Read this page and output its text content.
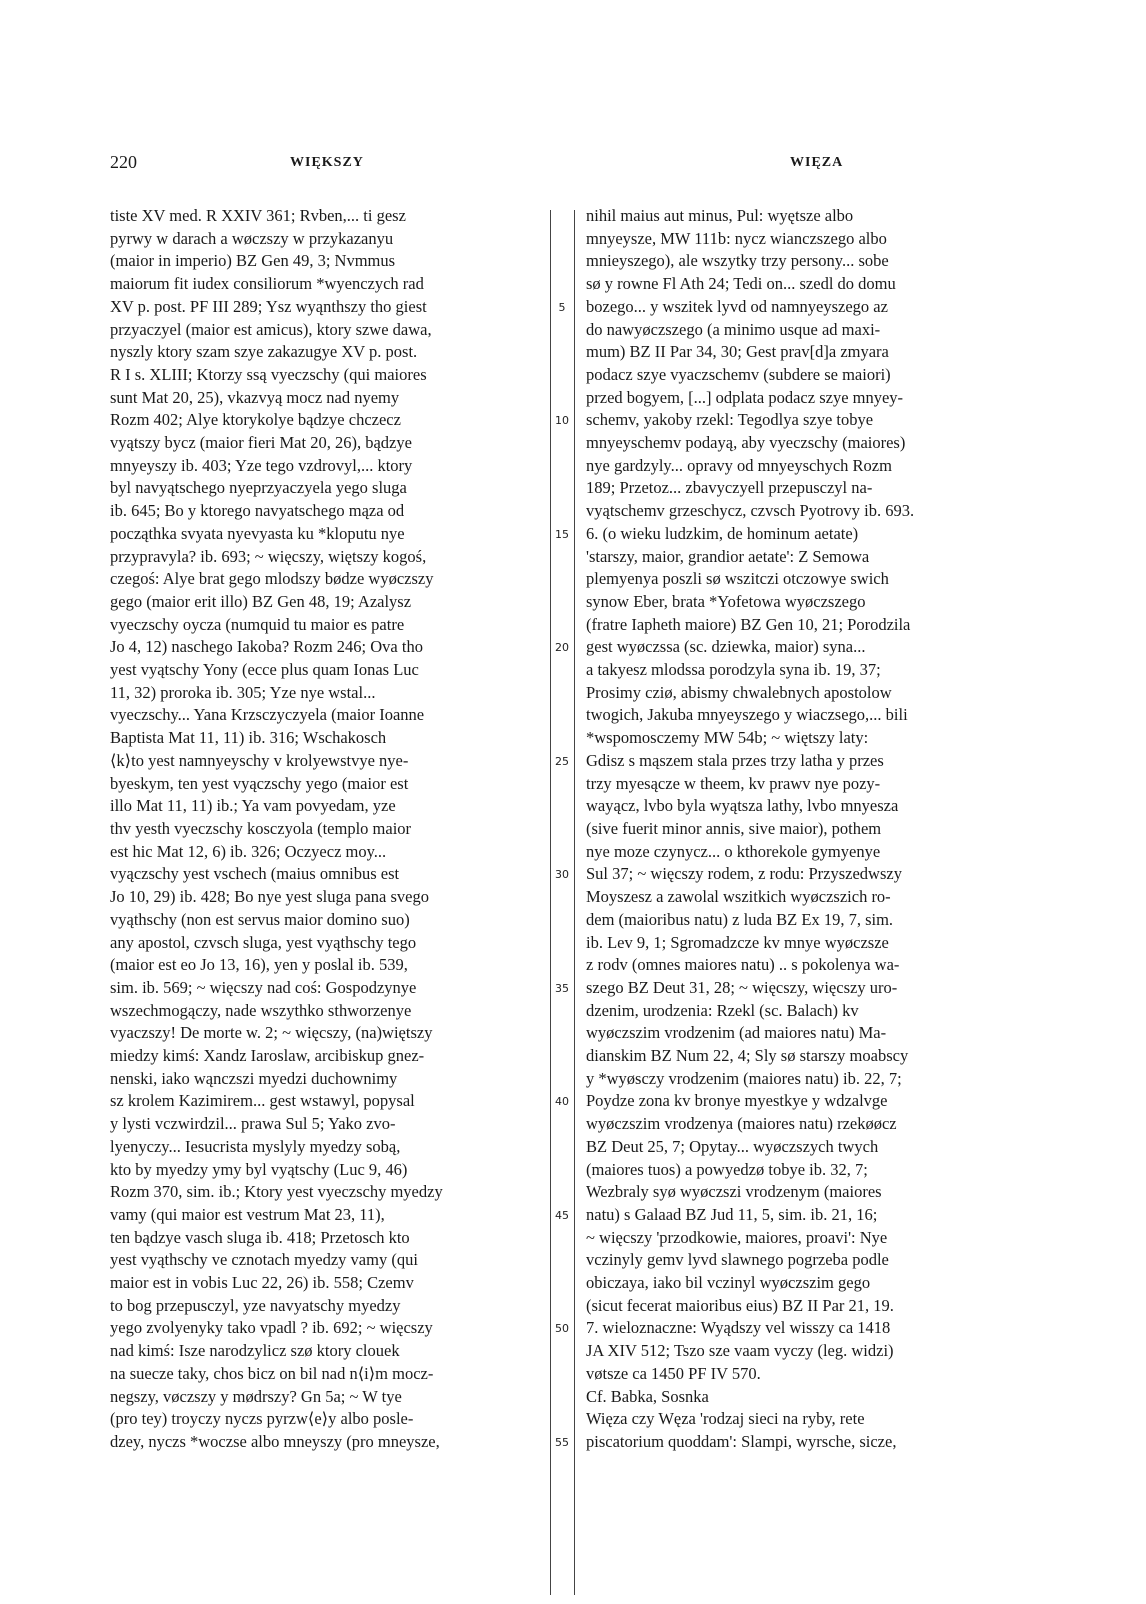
220	WIĘKSZY	WIĘZA
tiste XV med. R XXIV 361; Rvben,... ti gesz
pyrwy w darach a wøczszy w przykazanyu
(maior in imperio) BZ Gen 49, 3; Nvmmus
maiorum fit iudex consiliorum *wyenczych rad
XV p. post. PF III 289; Ysz wyąnthszy tho giest
przyaczyel (maior est amicus), ktory szwe dawa,
nyszly ktory szam szye zakazugye XV p. post.
R I s. XLIII; Ktorzy ssą vyeczschy (qui maiores
sunt Mat 20, 25), vkazvyą mocz nad nyemy
Rozm 402; Alye ktorykolye bądzye chczecz
vyątszy bycz (maior fieri Mat 20, 26), bądzye
mnyeyszy ib. 403; Yze tego vzdrovyl,... ktory
byl navyątschego nyeprzyaczyela yego sluga
ib. 645; Bo y ktorego navyatschego mąza od
począthka svyata nyevyasta ku *kloputu nye
przypravyla? ib. 693; ~ więcszy, więtszy kogoś,
czegoś: Alye brat gego mlodszy bødze wyøczszy
gego (maior erit illo) BZ Gen 48, 19; Azalysz
vyeczschy oycza (numquid tu maior es patre
Jo 4, 12) naschego Iakoba? Rozm 246; Ova tho
yest vyątschy Yony (ecce plus quam Ionas Luc
11, 32) proroka ib. 305; Yze nye wstal...
vyeczschy... Yana Krzsczyczyela (maior Ioanne
Baptista Mat 11, 11) ib. 316; Wschakosch
⟨k⟩to yest namnyeyschy v krolyewstvye nye-
byeskym, ten yest vyączschy yego (maior est
illo Mat 11, 11) ib.; Ya vam povyedam, yze
thv yesth vyeczschy kosczyola (templo maior
est hic Mat 12, 6) ib. 326; Oczyecz moy...
vyączschy yest vschech (maius omnibus est
Jo 10, 29) ib. 428; Bo nye yest sluga pana svego
vyąthschy (non est servus maior domino suo)
any apostol, czvsch sluga, yest vyąthschy tego
(maior est eo Jo 13, 16), yen y poslal ib. 539,
sim. ib. 569; ~ więcszy nad coś: Gospodzynye
wszechmogączy, nade wszythko sthworzenye
vyaczszy! De morte w. 2; ~ więcszy, (na)więtszy
miedzy kimś: Xandz Iaroslaw, arcibiskup gnez-
nenski, iako wąnczszi myedzi duchownimy
sz krolem Kazimirem... gest wstawyl, popysal
y lysti vczwirdzil... prawa Sul 5; Yako zvo-
lyenyczy... Iesucrista myslyly myedzy sobą,
kto by myedzy ymy byl vyątschy (Luc 9, 46)
Rozm 370, sim. ib.; Ktory yest vyeczschy myedzy
vamy (qui maior est vestrum Mat 23, 11),
ten bądzye vasch sluga ib. 418; Przetosch kto
yest vyąthschy ve cznotach myedzy vamy (qui
maior est in vobis Luc 22, 26) ib. 558; Czemv
to bog przepusczyl, yze navyatschy myedzy
yego zvolyenyky tako vpadl ? ib. 692; ~ więcszy
nad kimś: Isze narodzylicz szø ktory clouek
na suecze taky, chos bicz on bil nad n⟨i⟩m mocz-
negszy, vøczszy y mødrszy? Gn 5a; ~ W tye
(pro tey) troyczy nyczs pyrzw⟨e⟩y albo posle-
dzey, nyczs *woczse albo mneyszy (pro mneysze,
5
10
15
20
25
30
35
40
45
50
55
nihil maius aut minus, Pul: wyętsze albo
mnyeysze, MW 111b: nycz wianczszego albo
mnieyszego), ale wszytky trzy persony... sobe
sø y rowne Fl Ath 24; Tedi on... szedl do domu
bozego... y wszitek lyvd od namnyeyszego az
do nawyøczszego (a minimo usque ad maxi-
mum) BZ II Par 34, 30; Gest prav[d]a zmyara
podacz szye vyaczschemv (subdere se maiori)
przed bogyem, [...] odplata podacz szye mnyey-
schemv, yakoby rzekl: Tegodlya szye tobye
mnyeyschemv podayą, aby vyeczschy (maiores)
nye gardzyly... opravy od mnyeyschych Rozm
189; Przetoz... zbavyczyell przepusczyl na-
vyątschemv grzeschycz, czvsch Pyotrovy ib. 693.
6. (o wieku ludzkim, de hominum aetate)
'starszy, maior, grandior aetate': Z Semowa
plemyenya poszli sø wszitczi otczowye swich
synow Eber, brata *Yofetowa wyøczszego
(fratre Iapheth maiore) BZ Gen 10, 21; Porodzila
gest wyøczssa (sc. dziewka, maior) syna...
a takyesz mlodssa porodzyla syna ib. 19, 37;
Prosimy cziø, abismy chwalebnych apostolow
twogich, Jakuba mnyeyszego y wiaczsego,... bili
*wspomosczemy MW 54b; ~ więtszy laty:
Gdisz s mąszem stala przes trzy latha y przes
trzy myesącze w theem, kv prawv nye pozy-
wayącz, lvbo byla wyątsza lathy, lvbo mnyesza
(sive fuerit minor annis, sive maior), pothem
nye moze czynycz... o kthorekole gymyenye
Sul 37; ~ więcszy rodem, z rodu: Przyszedwszy
Moyszesz a zawolal wszitkich wyøczszich ro-
dem (maioribus natu) z luda BZ Ex 19, 7, sim.
ib. Lev 9, 1; Sgromadzcze kv mnye wyøczsze
z rodv (omnes maiores natu) .. s pokolenya wa-
szego BZ Deut 31, 28; ~ więcszy, więcszy uro-
dzenim, urodzenia: Rzekl (sc. Balach) kv
wyøczszim vrodzenim (ad maiores natu) Ma-
dianskim BZ Num 22, 4; Sly sø starszy moabscy
y *wyøsczy vrodzenim (maiores natu) ib. 22, 7;
Poydze zona kv bronye myestkye y wdzalvge
wyøczszim vrodzenya (maiores natu) rzekøøcz
BZ Deut 25, 7; Opytay... wyøczszych twych
(maiores tuos) a powyedzø tobye ib. 32, 7;
Wezbraly syø wyøczszi vrodzenym (maiores
natu) s Galaad BZ Jud 11, 5, sim. ib. 21, 16;
~ więcszy 'przodkowie, maiores, proavi': Nye
vczinyly gemv lyvd slawnego pogrzeba podle
obiczaya, iako bil vczinyl wyøczszim gego
(sicut fecerat maioribus eius) BZ II Par 21, 19.
7. wieloznaczne: Wyądszy vel wisszy ca 1418
JA XIV 512; Tszo sze vaam vyczy (leg. widzi)
vøtsze ca 1450 PF IV 570.
Cf. Babka, Sosnka
Więza czy Węza 'rodzaj sieci na ryby, rete
piscatorium quoddam': Slampi, wyrsche, sicze,
